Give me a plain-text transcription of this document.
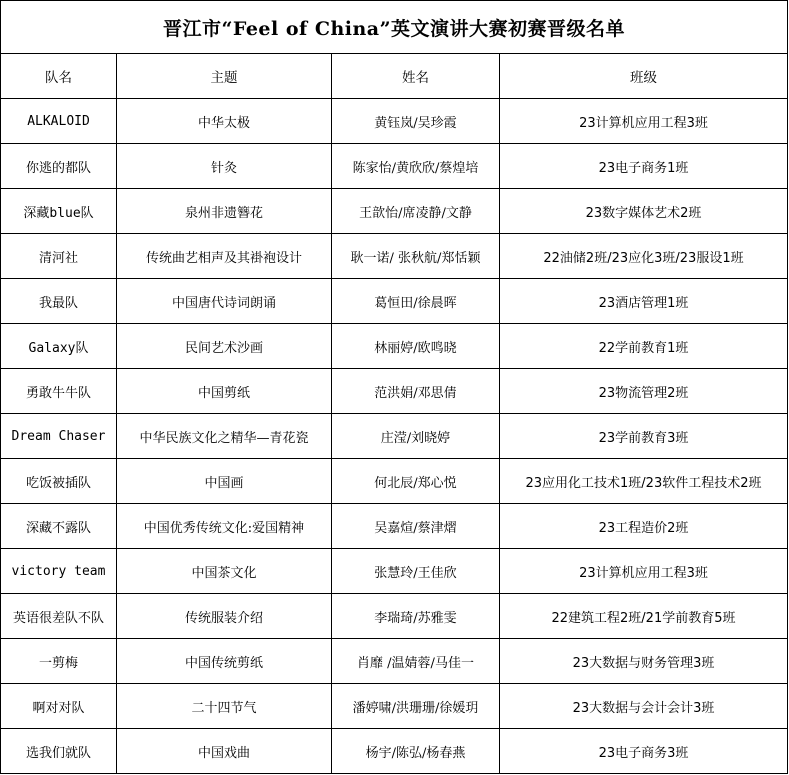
晋江市“Feel of China”英文演讲大赛初赛晋级名单			
队名	主题	姓名	班级
ALKALOID	中华太极	黄钰岚/吴珍霞	23计算机应用工程3班
你逃的都队	针灸	陈家怡/黄欣欣/蔡煌培	23电子商务1班
深藏blue队	泉州非遗簪花	王歆怡/席凌静/文静	23数字媒体艺术2班
清河社	传统曲艺相声及其褂袍设计	耿一诺/ 张秋航/郑恬颖	22油储2班/23应化3班/23服设1班
我最队	中国唐代诗词朗诵	葛恒田/徐晨晖	23酒店管理1班
Galaxy队	民间艺术沙画	林丽婷/欧鸣晓	22学前教育1班
勇敢牛牛队	中国剪纸	范洪娟/邓思倩	23物流管理2班
Dream Chaser	中华民族文化之精华—青花瓷	庄滢/刘晓婷	23学前教育3班
吃饭被插队	中国画	何北辰/郑心悦	23应用化工技术1班/23软件工程技术2班
深藏不露队	中国优秀传统文化:爱国精神	吴嘉煊/蔡津熠	23工程造价2班
victory team	中国茶文化	张慧玲/王佳欣	23计算机应用工程3班
英语很差队不队	传统服装介绍	李瑞琦/苏雅雯	22建筑工程2班/21学前教育5班
一剪梅	中国传统剪纸	肖靡 /温婧蓉/马佳一	23大数据与财务管理3班
啊对对队	二十四节气	潘婷啸/洪珊珊/徐媛玥	23大数据与会计会计3班
选我们就队	中国戏曲	杨宇/陈弘/杨春燕	23电子商务3班
